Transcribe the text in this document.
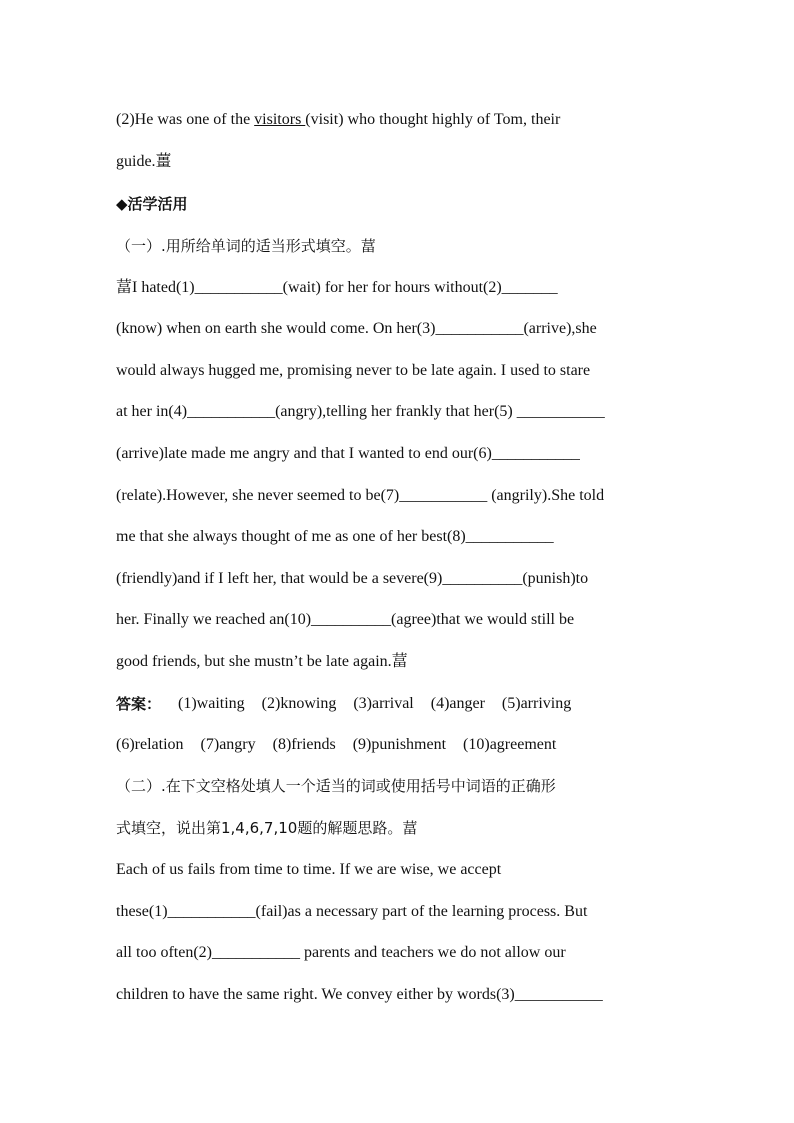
(2)He was one of the visitors (visit) who thought highly of Tom, their
guide.薑
◆活学活用
（一）.用所给单词的适当形式填空。葍
葍I hated(1)___________(wait) for her for hours without(2)_______
(know) when on earth she would come. On her(3)___________(arrive),she
would always hugged me, promising never to be late again. I used to stare
at her in(4)___________(angry),telling her frankly that her(5) ___________
(arrive)late made me angry and that I wanted to end our(6)___________
(relate).However, she never seemed to be(7)___________ (angrily).She told
me that she always thought of me as one of her best(8)___________
(friendly)and if I left her, that would be a severe(9)__________(punish)to
her. Finally we reached an(10)__________(agree)that we would still be
good friends, but she mustn’t be late again.葍
答案： (1)waiting (2)knowing (3)arrival (4)anger (5)arriving
(6)relation (7)angry (8)friends (9)punishment (10)agreement
（二）.在下文空格处填人一个适当的词或使用括号中词语的正确形
式填空，说出第1,4,6,7,10题的解题思路。葍
Each of us fails from time to time. If we are wise, we accept
these(1)___________(fail)as a necessary part of the learning process. But
all too often(2)___________ parents and teachers we do not allow our
children to have the same right. We convey either by words(3)___________
